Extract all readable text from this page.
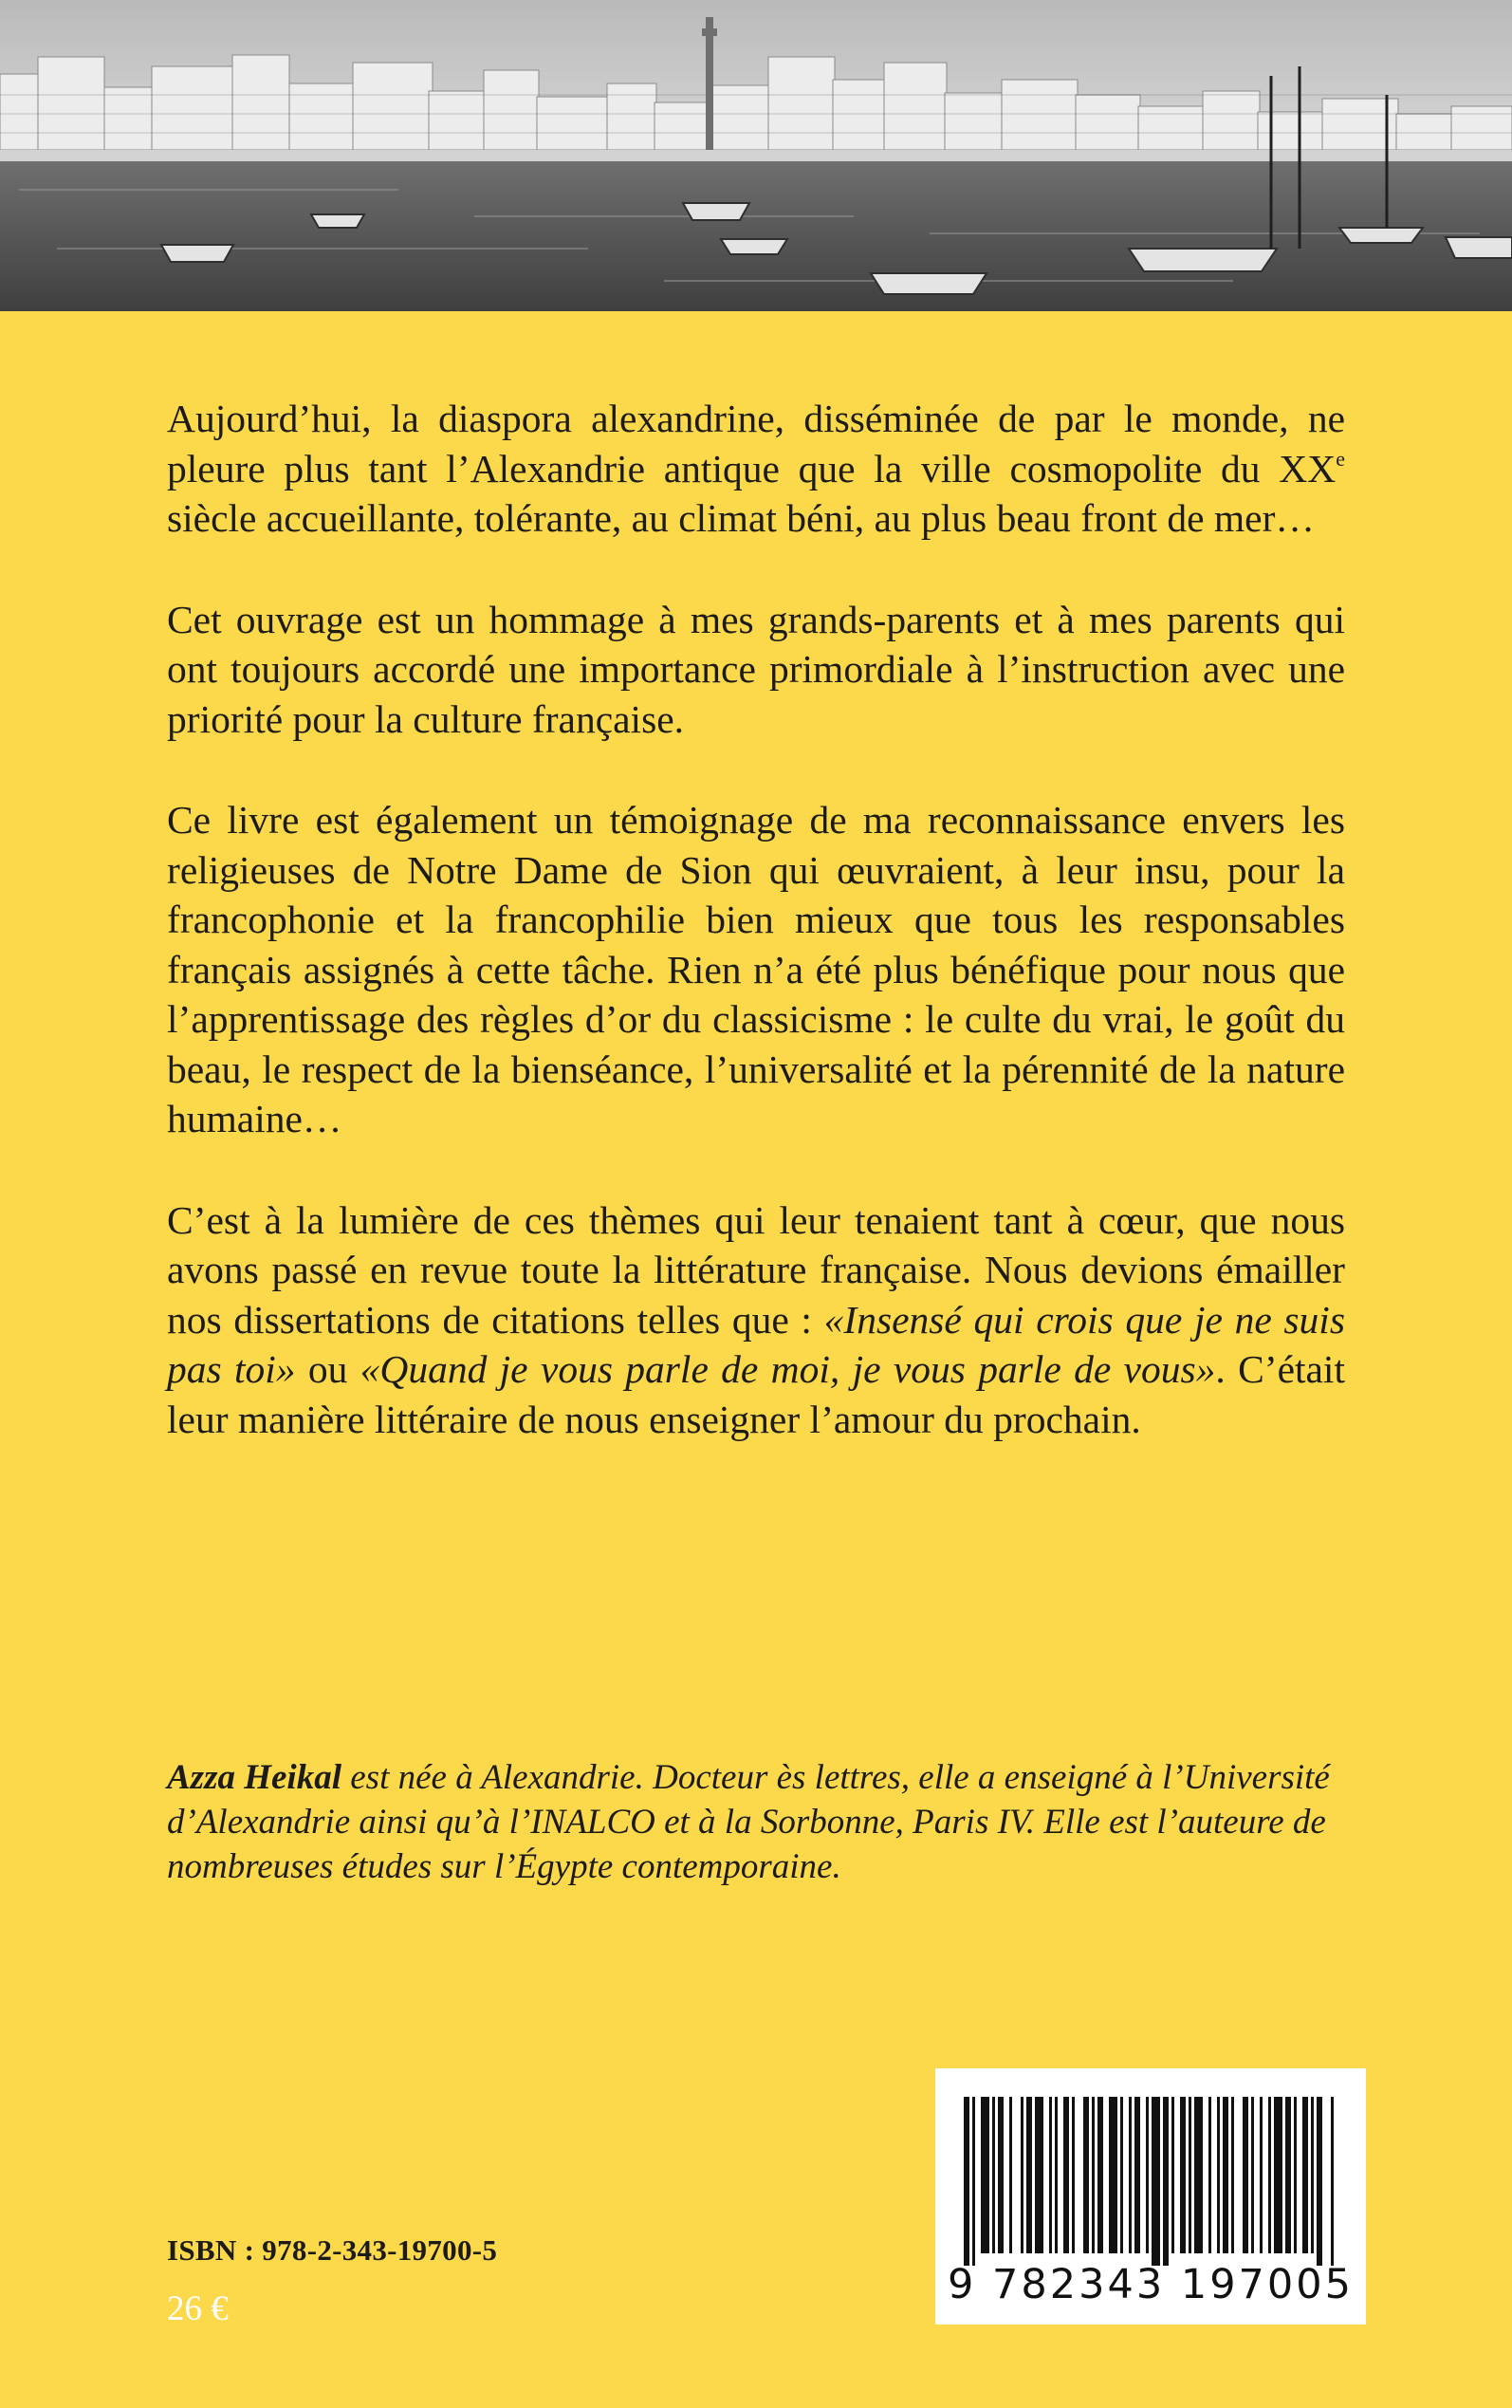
Aujourd’hui, la diaspora alexandrine, disséminée de par le monde, ne pleure plus tant l’Alexandrie antique que la ville cosmopolite du XXe siècle accueillante, tolérante, au climat béni, au plus beau front de mer…

Cet ouvrage est un hommage à mes grands-parents et à mes parents qui ont toujours accordé une importance primordiale à l’instruction avec une priorité pour la culture française.

Ce livre est également un témoignage de ma reconnaissance envers les religieuses de Notre Dame de Sion qui œuvraient, à leur insu, pour la francophonie et la francophilie bien mieux que tous les responsables français assignés à cette tâche. Rien n’a été plus bénéfique pour nous que l’apprentissage des règles d’or du classicisme : le culte du vrai, le goût du beau, le respect de la bienséance, l’universalité et la pérennité de la nature humaine…

C’est à la lumière de ces thèmes qui leur tenaient tant à cœur, que nous avons passé en revue toute la littérature française. Nous devions émailler nos dissertations de citations telles que : «Insensé qui crois que je ne suis pas toi» ou «Quand je vous parle de moi, je vous parle de vous». C’était leur manière littéraire de nous enseigner l’amour du prochain.

Azza Heikal est née à Alexandrie. Docteur ès lettres, elle a enseigné à l’Université d’Alexandrie ainsi qu’à l’INALCO et à la Sorbonne, Paris IV. Elle est l’auteure de nombreuses études sur l’Égypte contemporaine.

ISBN : 978-2-343-19700-5
26 €
9 782343 197005
